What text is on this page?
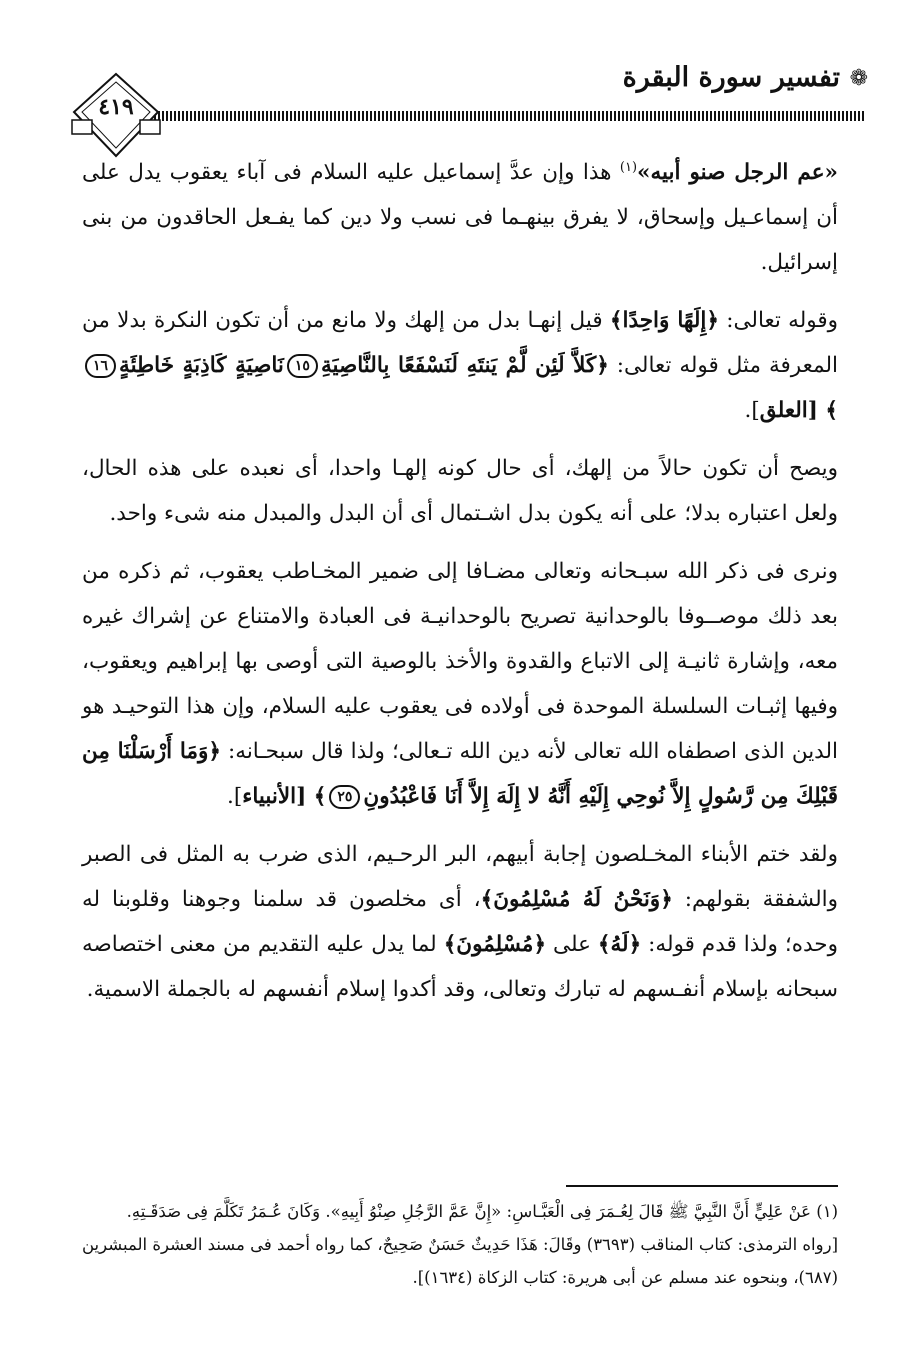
❁
تفسير سورة البقرة
٤١٩

«عم الرجل صنو أبيه»$^{(١)}$ هذا وإن عدَّ إسماعيل عليه السلام فى آباء يعقوب يدل على أن إسماعـيل وإسحاق، لا يفرق بينهـما فى نسب ولا دين كما يفـعل الحاقدون من بنى إسرائيل.

وقوله تعالى: ﴿إِلَهًا وَاحِدًا﴾ قيل إنهـا بدل من إلهك ولا مانع من أن تكون النكرة بدلا من المعرفة مثل قوله تعالى: ﴿كَلاَّ لَئِن لَّمْ يَنتَهِ لَنَسْفَعًا بِالنَّاصِيَةِ١٥نَاصِيَةٍ كَاذِبَةٍ خَاطِئَةٍ١٦﴾ [العلق].

ويصح أن تكون حالاً من إلهك، أى حال كونه إلهـا واحدا، أى نعبده على هذه الحال، ولعل اعتباره بدلا؛ على أنه يكون بدل اشـتمال أى أن البدل والمبدل منه شىء واحد.

ونرى فى ذكر الله سبـحانه وتعالى مضـافا إلى ضمير المخـاطب يعقوب، ثم ذكره من بعد ذلك موصــوفا بالوحدانية تصريح بالوحدانيـة فى العبادة والامتناع عن إشراك غيره معه، وإشارة ثانيـة إلى الاتباع والقدوة والأخذ بالوصية التى أوصى بها إبراهيم ويعقوب، وفيها إثبـات السلسلة الموحدة فى أولاده فى يعقوب عليه السلام، وإن هذا التوحيـد هو الدين الذى اصطفاه الله تعالى لأنه دين الله تـعالى؛ ولذا قال سبحـانه: ﴿وَمَا أَرْسَلْنَا مِن قَبْلِكَ مِن رَّسُولٍ إِلاَّ نُوحِي إِلَيْهِ أَنَّهُ لا إِلَهَ إِلاَّ أَنَا فَاعْبُدُونِ٢٥﴾ [الأنبياء].

ولقد ختم الأبناء المخـلصون إجابة أبيهم، البر الرحـيم، الذى ضرب به المثل فى الصبر والشفقة بقولهم: ﴿وَنَحْنُ لَهُ مُسْلِمُونَ﴾، أى مخلصون قد سلمنا وجوهنا وقلوبنا له وحده؛ ولذا قدم قوله: ﴿لَهُ﴾ على ﴿مُسْلِمُونَ﴾ لما يدل عليه التقديم من معنى اختصاصه سبحانه بإسلام أنفـسهم له تبارك وتعالى، وقد أكدوا إسلام أنفسهم له بالجملة الاسمية.

(١) عَنْ عَلِيٍّ أَنَّ النَّبِيَّ ﷺ قَالَ لِعُـمَرَ فِى الْعَبَّـاسِ: «إِنَّ عَمَّ الرَّجُلِ صِنْوُ أَبِيهِ». وَكَانَ عُـمَرُ تَكَلَّمَ فِى صَدَقَـتِهِ.

[رواه الترمذى: كتاب المناقب (٣٦٩٣) وقَالَ: هَذَا حَدِيثٌ حَسَنٌ صَحِيحٌ، كما رواه أحمد فى مسند العشرة المبشرين (٦٨٧)، وبنحوه عند مسلم عن أبى هريرة: كتاب الزكاة (١٦٣٤)].
